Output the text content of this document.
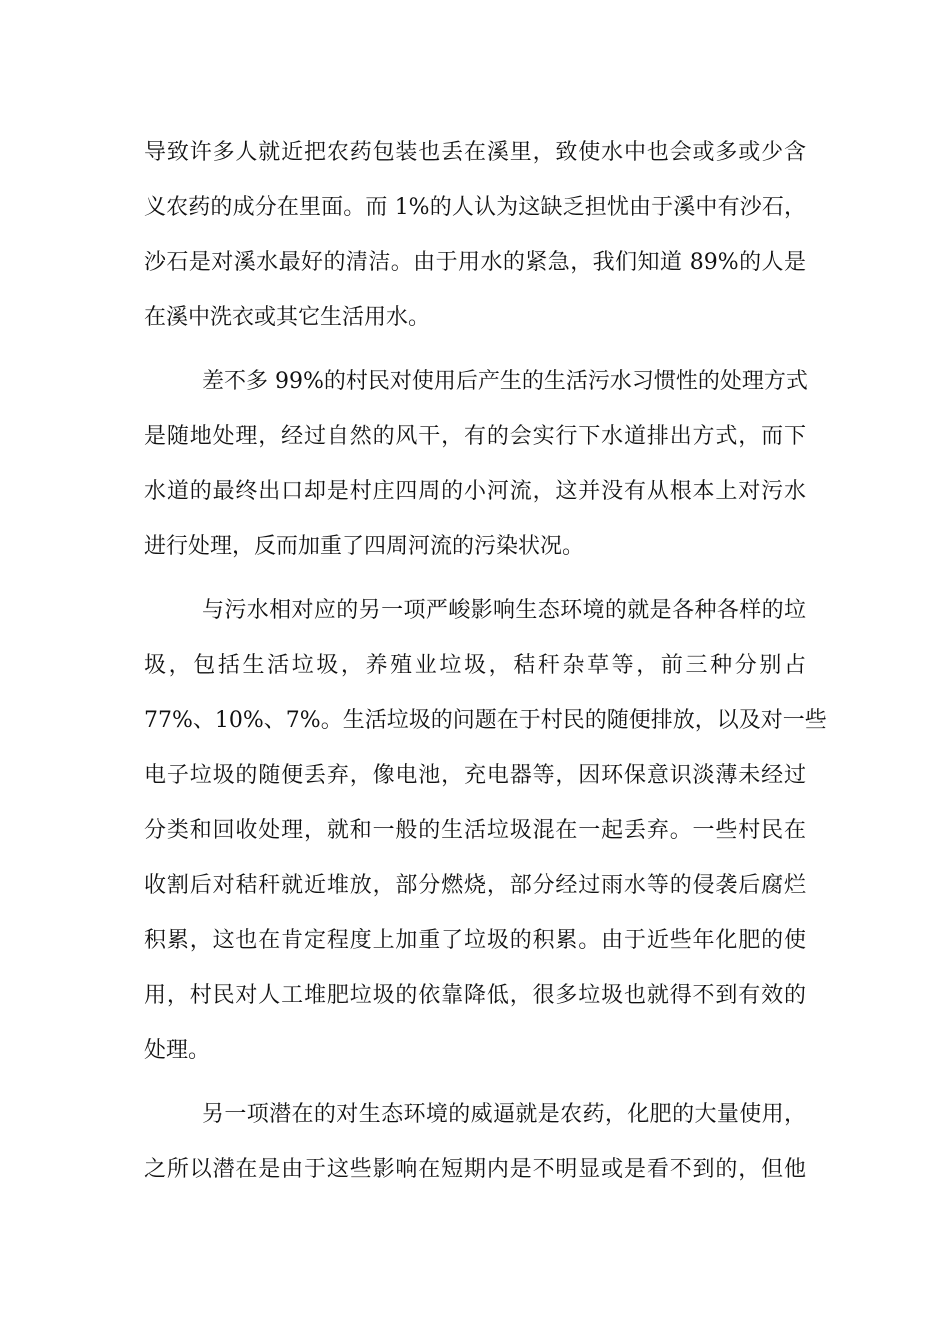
导致许多人就近把农药包装也丢在溪里，致使水中也会或多或少含
义农药的成分在里面。而 1%的人认为这缺乏担忧由于溪中有沙石，
沙石是对溪水最好的清洁。由于用水的紧急，我们知道 89%的人是
在溪中洗衣或其它生活用水。
差不多 99%的村民对使用后产生的生活污水习惯性的处理方式
是随地处理，经过自然的风干，有的会实行下水道排出方式，而下
水道的最终出口却是村庄四周的小河流，这并没有从根本上对污水
进行处理，反而加重了四周河流的污染状况。
与污水相对应的另一项严峻影响生态环境的就是各种各样的垃
圾，包括生活垃圾，养殖业垃圾，秸秆杂草等，前三种分别占
77%、10%、7%。生活垃圾的问题在于村民的随便排放，以及对一些
电子垃圾的随便丢弃，像电池，充电器等，因环保意识淡薄未经过
分类和回收处理，就和一般的生活垃圾混在一起丢弃。一些村民在
收割后对秸秆就近堆放，部分燃烧，部分经过雨水等的侵袭后腐烂
积累，这也在肯定程度上加重了垃圾的积累。由于近些年化肥的使
用，村民对人工堆肥垃圾的依靠降低，很多垃圾也就得不到有效的
处理。
另一项潜在的对生态环境的威逼就是农药，化肥的大量使用，
之所以潜在是由于这些影响在短期内是不明显或是看不到的，但他
